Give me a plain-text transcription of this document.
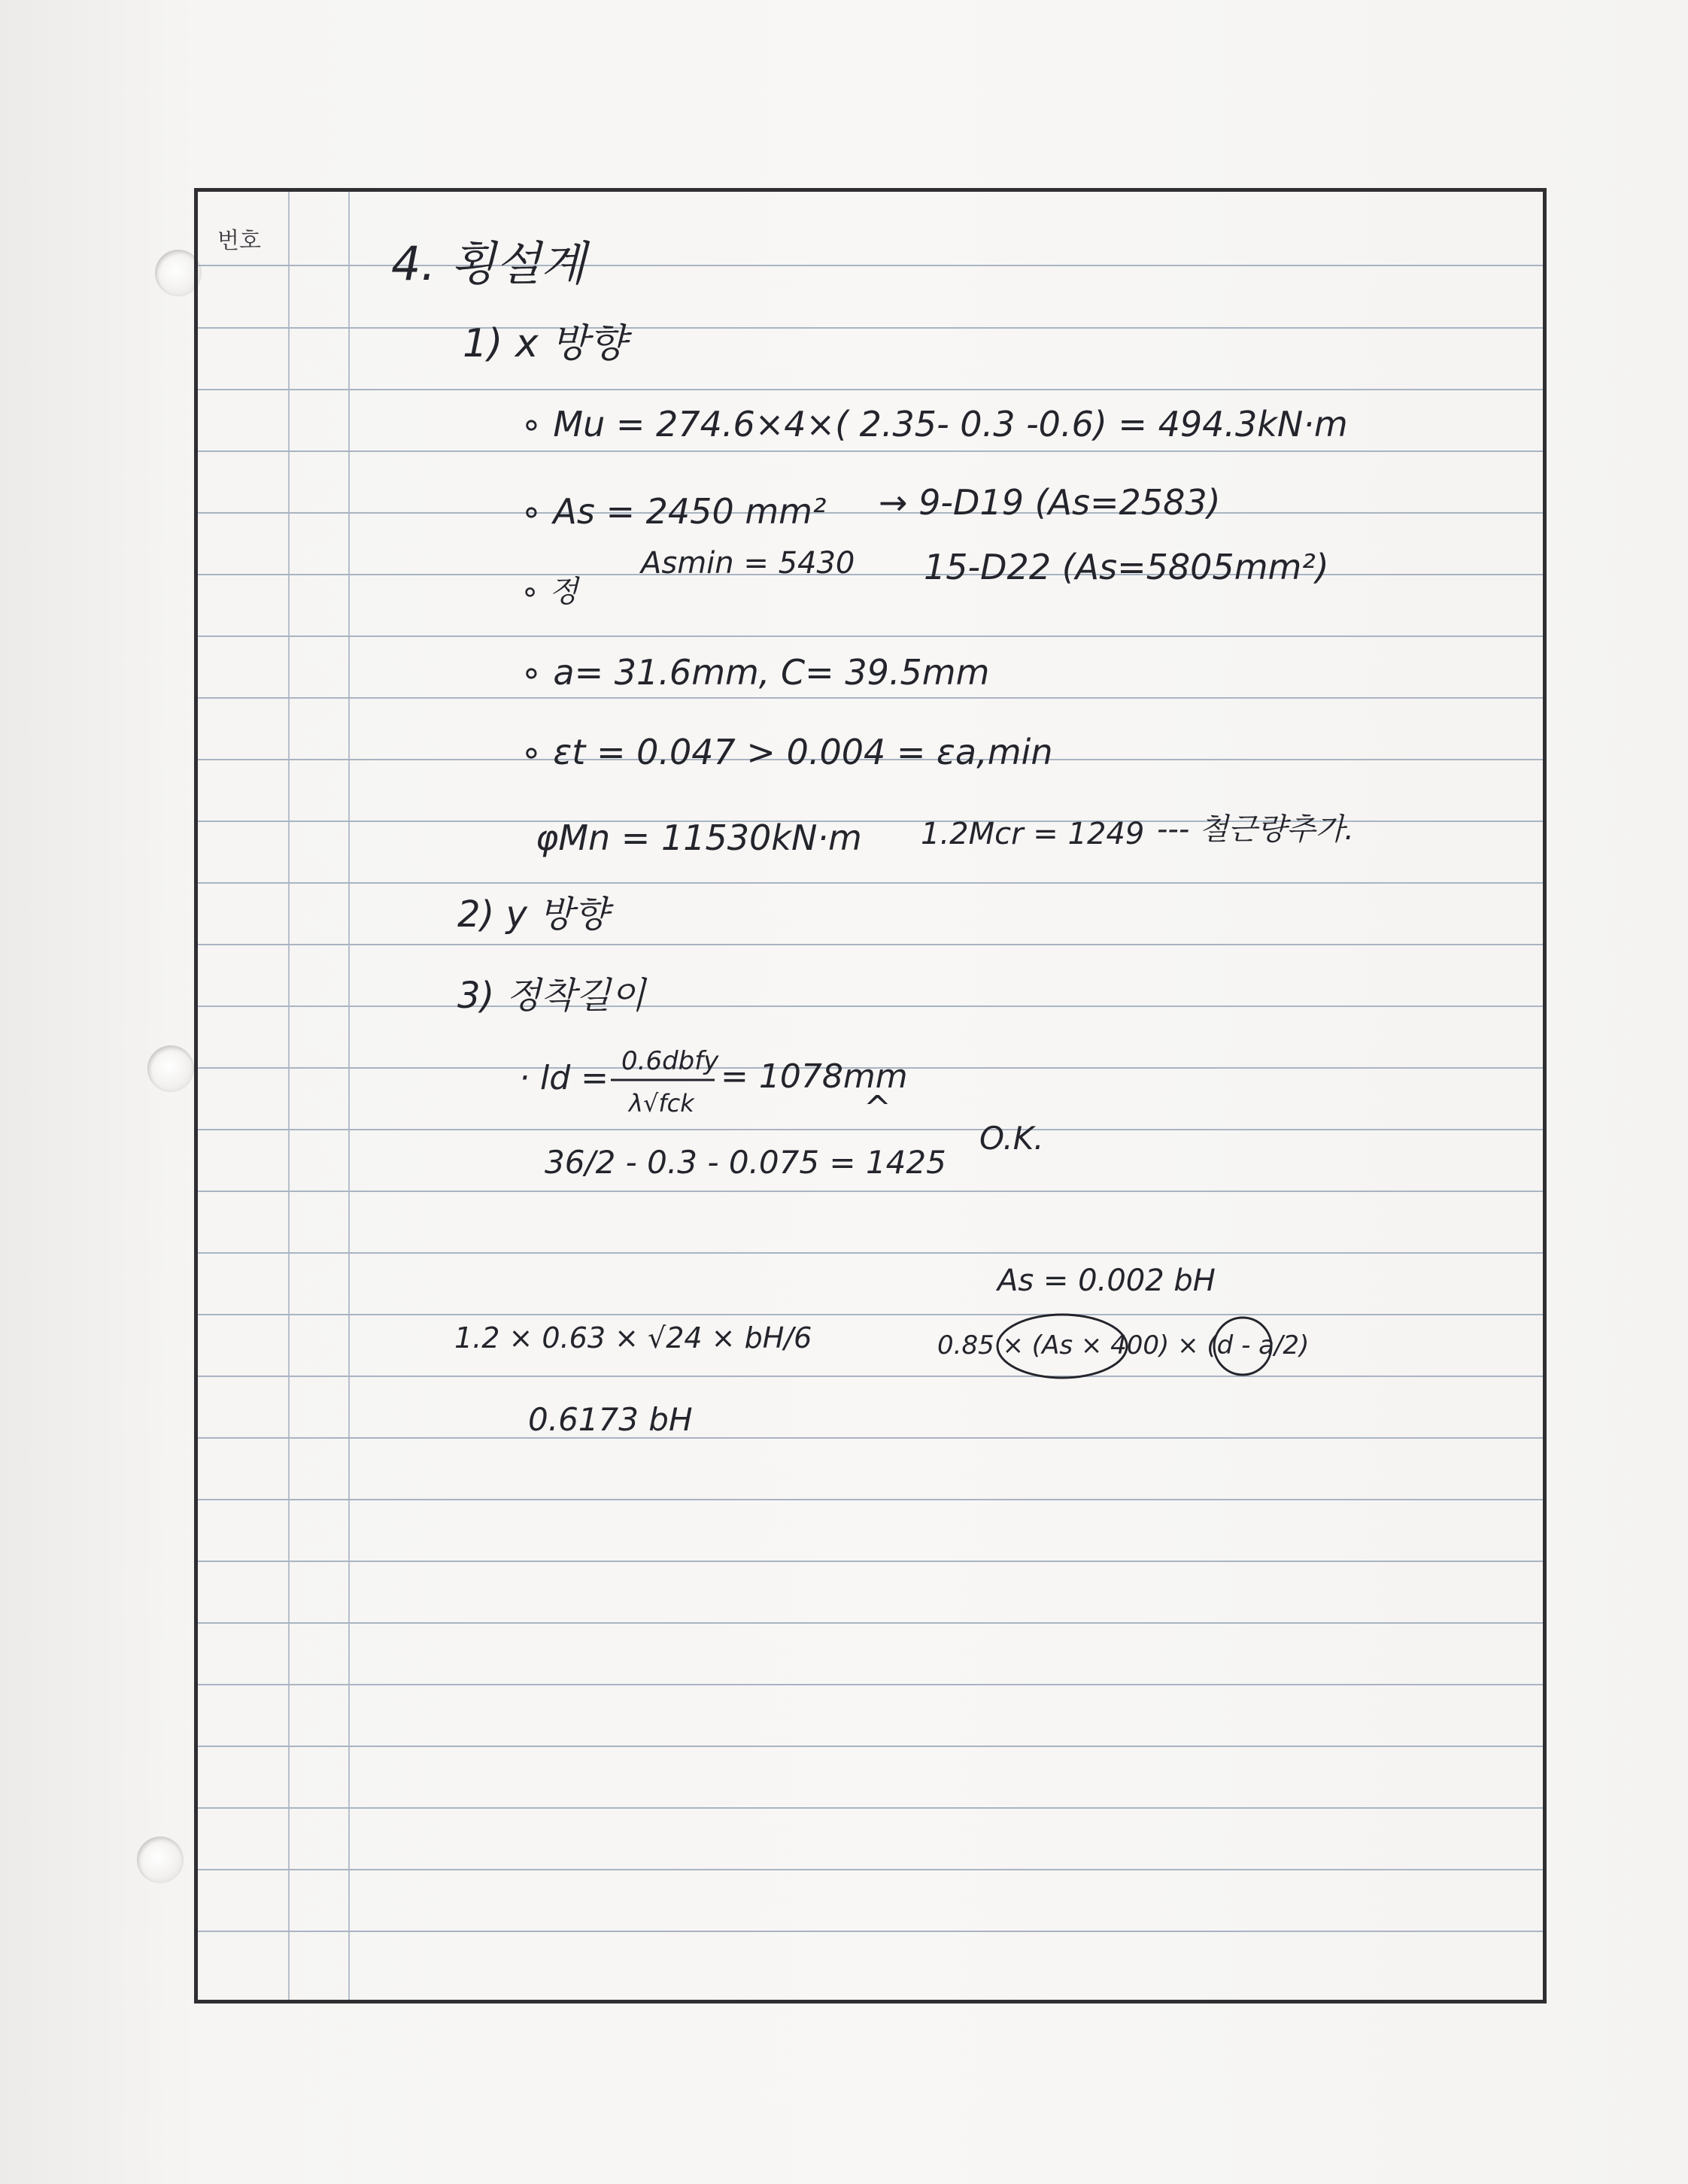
번호	4. 횡설계
1) x 방향
∘ Mu = 274.6×4×( 2.35- 0.3 -0.6) = 494.3kN·m
∘ As = 2450 mm² → 9-D19 (As=2583)
Asmin = 5430
∘ 정
15-D22 (As=5805mm²)
∘ a= 31.6mm, C= 39.5mm
∘ εt = 0.047 > 0.004 = εa,min
φMn = 11530kN·m 1.2Mcr = 1249 --- 철근량추가.
2) y 방향
3) 정착길이
· ld = 0.6dbfy
λ√fck
= 1078mm
^
36/2 - 0.3 - 0.075 = 1425
O.K.
As = 0.002 bH
1.2 × 0.63 × √24 × bH/6	0.85 × (As × 400) × (d - a/2)
0.6173 bH
